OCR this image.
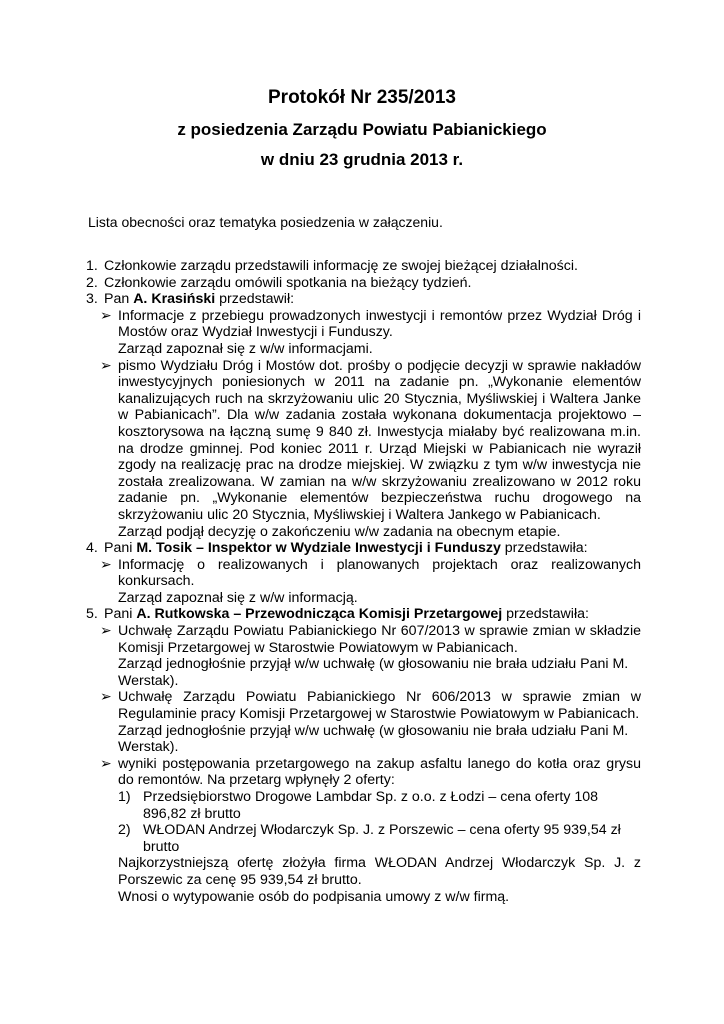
Protokół Nr 235/2013
z posiedzenia Zarządu Powiatu Pabianickiego
w dniu 23 grudnia 2013 r.
Lista obecności oraz tematyka posiedzenia w załączeniu.
1. Członkowie zarządu przedstawili informację ze swojej bieżącej działalności.
2. Członkowie zarządu omówili spotkania na bieżący tydzień.
3. Pan A. Krasiński przedstawił:
➢ Informacje z przebiegu prowadzonych inwestycji i remontów przez Wydział Dróg i Mostów oraz Wydział Inwestycji i Funduszy.
Zarząd zapoznał się z w/w informacjami.
➢ pismo Wydziału Dróg i Mostów dot. prośby o podjęcie decyzji w sprawie nakładów inwestycyjnych poniesionych w 2011 na zadanie pn. „Wykonanie elementów kanalizujących ruch na skrzyżowaniu ulic 20 Stycznia, Myśliwskiej i Waltera Janke w Pabianicach”. Dla w/w zadania została wykonana dokumentacja projektowo – kosztorysowa na łączną sumę 9 840 zł. Inwestycja miałaby być realizowana m.in. na drodze gminnej. Pod koniec 2011 r. Urząd Miejski w Pabianicach nie wyraził zgody na realizację prac na drodze miejskiej. W związku z tym w/w inwestycja nie została zrealizowana. W zamian na w/w skrzyżowaniu zrealizowano w 2012 roku zadanie pn. „Wykonanie elementów bezpieczeństwa ruchu drogowego na skrzyżowaniu ulic 20 Stycznia, Myśliwskiej i Waltera Jankego w Pabianicach.
Zarząd podjął decyzję o zakończeniu w/w zadania na obecnym etapie.
4. Pani M. Tosik – Inspektor w Wydziale Inwestycji i Funduszy przedstawiła:
➢ Informację o realizowanych i planowanych projektach oraz realizowanych konkursach.
Zarząd zapoznał się z w/w informacją.
5. Pani A. Rutkowska – Przewodnicząca Komisji Przetargowej przedstawiła:
➢ Uchwałę Zarządu Powiatu Pabianickiego Nr 607/2013 w sprawie zmian w składzie Komisji Przetargowej w Starostwie Powiatowym w Pabianicach.
Zarząd jednogłośnie przyjął w/w uchwałę (w głosowaniu nie brała udziału Pani M. Werstak).
➢ Uchwałę Zarządu Powiatu Pabianickiego Nr 606/2013 w sprawie zmian w Regulaminie pracy Komisji Przetargowej w Starostwie Powiatowym w Pabianicach.
Zarząd jednogłośnie przyjął w/w uchwałę (w głosowaniu nie brała udziału Pani M. Werstak).
➢ wyniki postępowania przetargowego na zakup asfaltu lanego do kotła oraz grysu do remontów. Na przetarg wpłynęły 2 oferty:
1) Przedsiębiorstwo Drogowe Lambdar Sp. z o.o. z Łodzi – cena oferty 108 896,82 zł brutto
2) WŁODAN Andrzej Włodarczyk Sp. J. z Porszewic – cena oferty 95 939,54 zł brutto
Najkorzystniejszą ofertę złożyła firma WŁODAN Andrzej Włodarczyk Sp. J. z Porszewic za cenę 95 939,54 zł brutto.
Wnosi o wytypowanie osób do podpisania umowy z w/w firmą.
